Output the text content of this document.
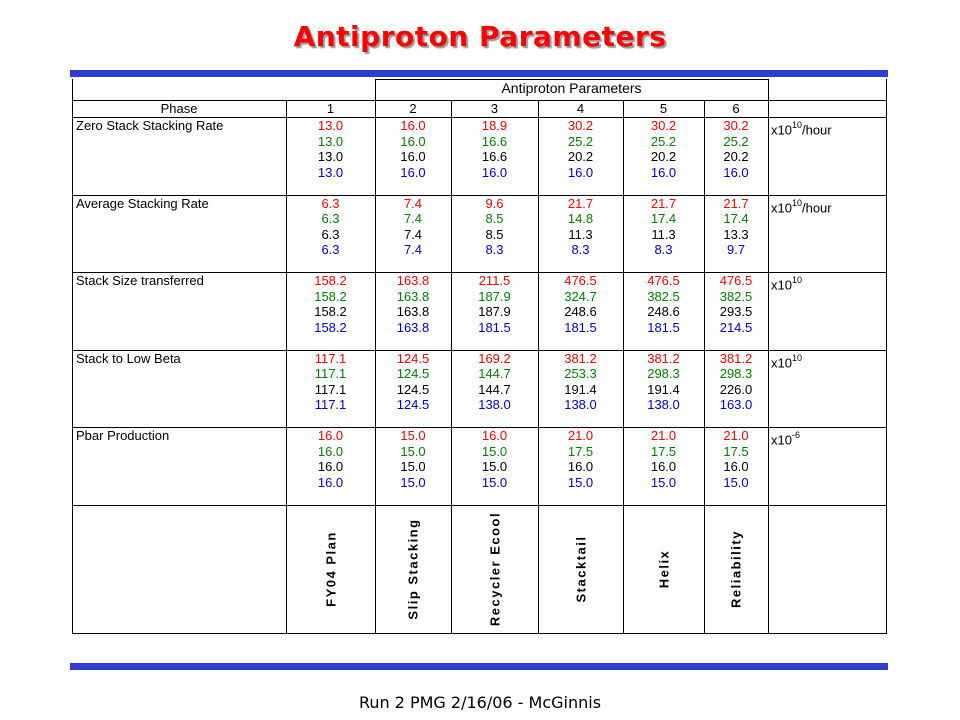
Antiproton Parameters
Antiproton Parameters
Phase	1	2	3	4	5	6
Zero Stack Stacking Rate	$x10^{10}$/hour
13.0	16.0	18.9	30.2	30.2	30.2
13.0	16.0	16.6	25.2	25.2	25.2
13.0	16.0	16.6	20.2	20.2	20.2
13.0	16.0	16.0	16.0	16.0	16.0
Average Stacking Rate	$x10^{10}$/hour
6.3	7.4	9.6	21.7	21.7	21.7
6.3	7.4	8.5	14.8	17.4	17.4
6.3	7.4	8.5	11.3	11.3	13.3
6.3	7.4	8.3	8.3	8.3	9.7
Stack Size transferred	$x10^{10}$
158.2	163.8	211.5	476.5	476.5	476.5
158.2	163.8	187.9	324.7	382.5	382.5
158.2	163.8	187.9	248.6	248.6	293.5
158.2	163.8	181.5	181.5	181.5	214.5
Stack to Low Beta	$x10^{10}$
117.1	124.5	169.2	381.2	381.2	381.2
117.1	124.5	144.7	253.3	298.3	298.3
117.1	124.5	144.7	191.4	191.4	226.0
117.1	124.5	138.0	138.0	138.0	163.0
Pbar Production	$x10^{-6}$
16.0	15.0	16.0	21.0	21.0	21.0
16.0	15.0	15.0	17.5	17.5	17.5
16.0	15.0	15.0	16.0	16.0	16.0
16.0	15.0	15.0	15.0	15.0	15.0
FY04 Plan	Slip Stacking	Recycler Ecool	Stacktail	Helix	Reliability
Run 2 PMG 2/16/06 - McGinnis
